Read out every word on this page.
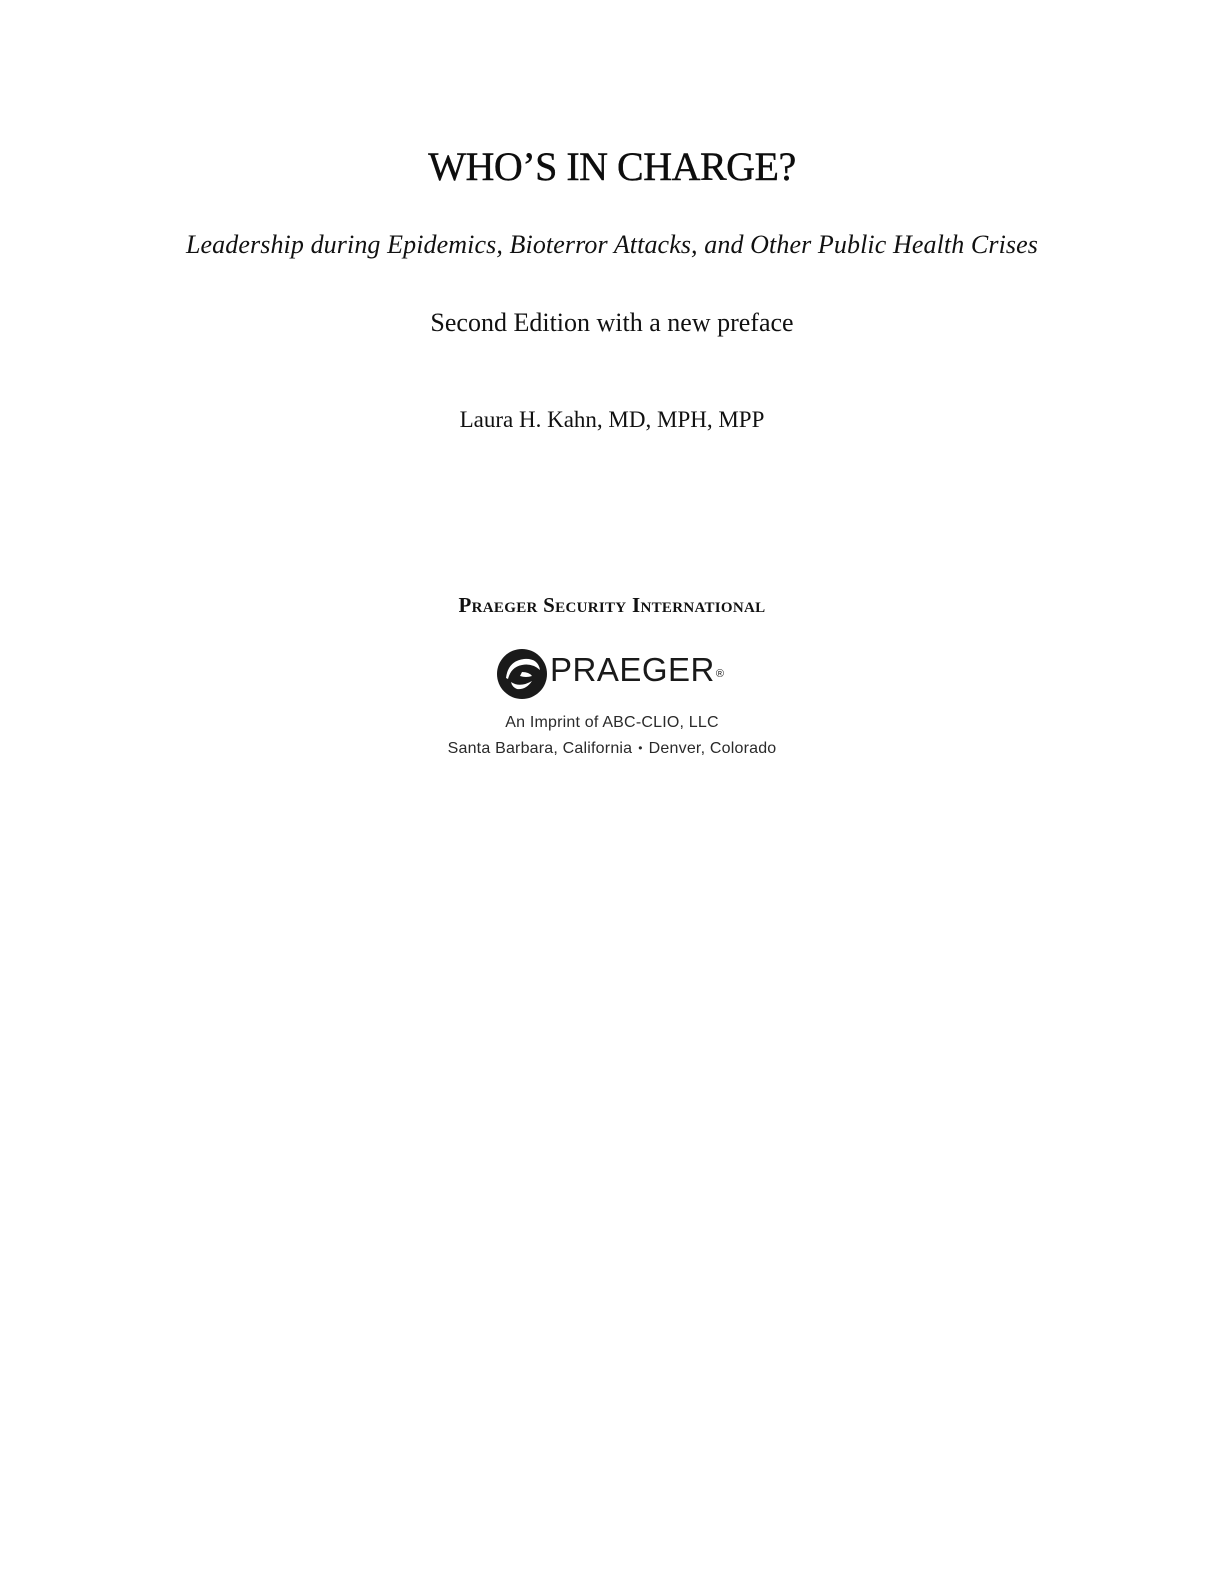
WHO’S IN CHARGE?

Leadership during Epidemics, Bioterror Attacks, and Other Public Health Crises

Second Edition with a new preface

Laura H. Kahn, MD, MPH, MPP

Praeger Security International

PRAEGER®
An Imprint of ABC-CLIO, LLC
Santa Barbara, California • Denver, Colorado
